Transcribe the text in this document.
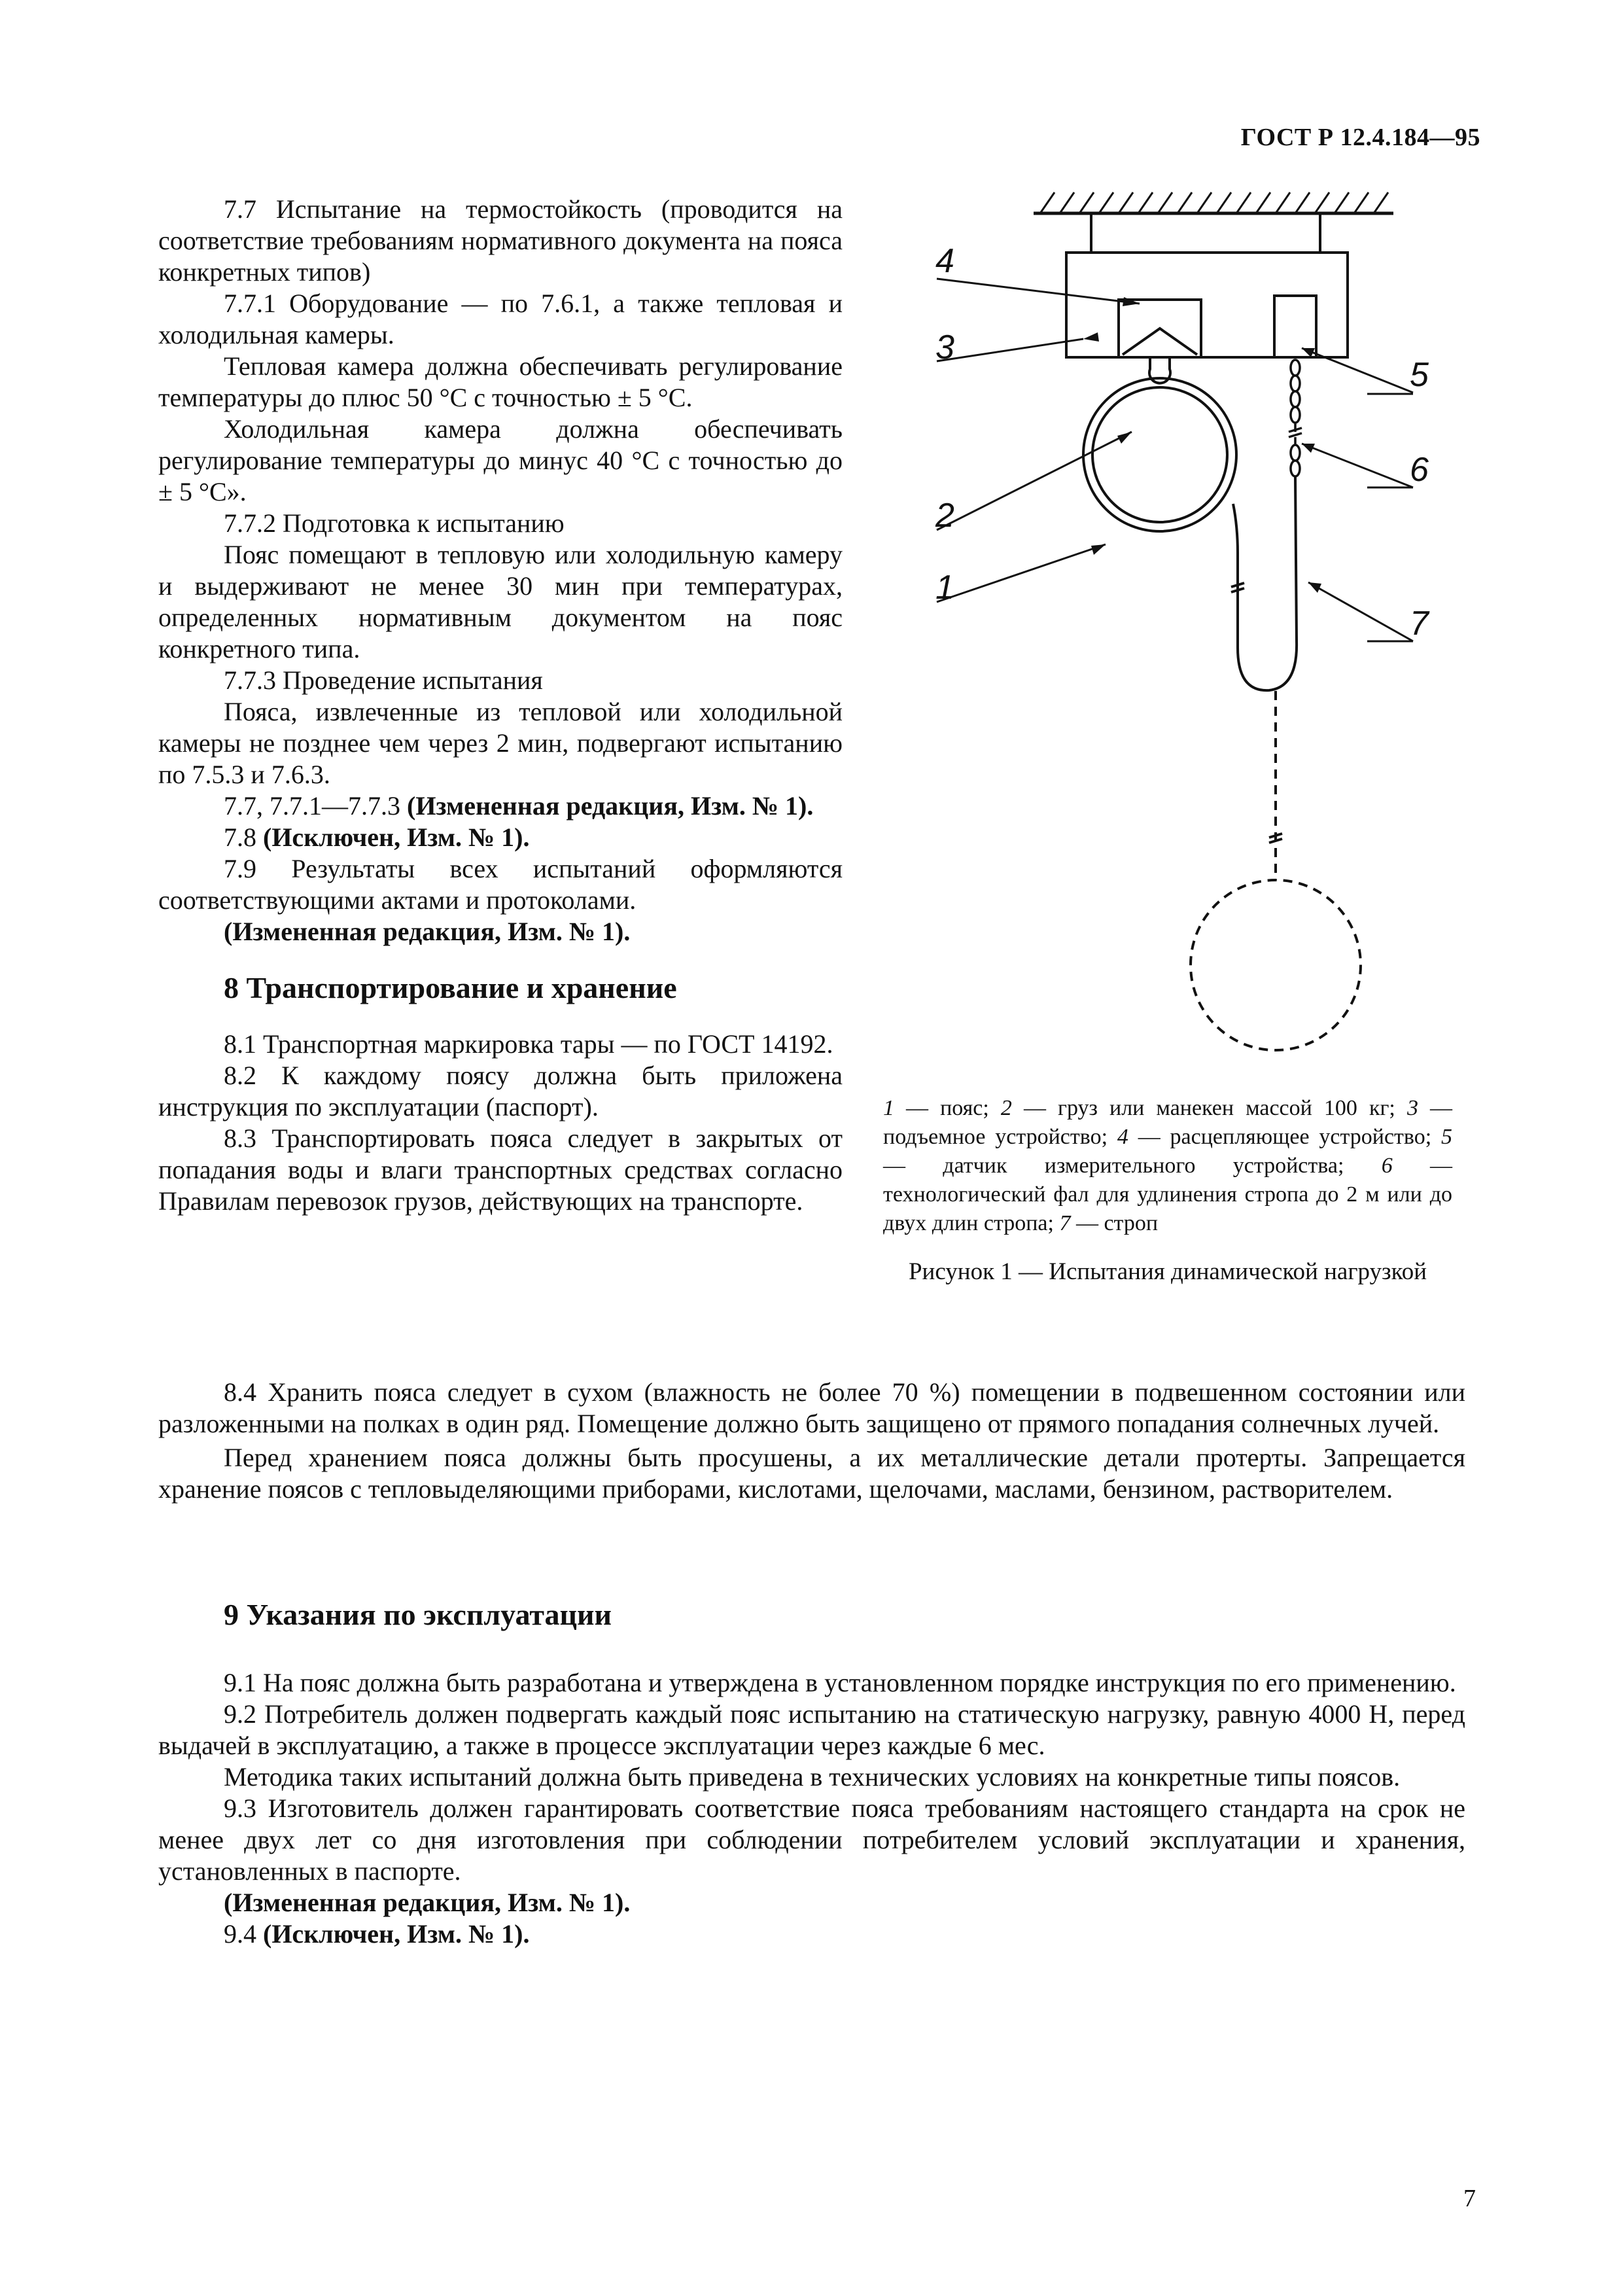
ГОСТ Р 12.4.184—95

7.7 Испытание на термостойкость (проводится на соответствие требованиям нормативного документа на пояса конкретных типов)

7.7.1 Оборудование — по 7.6.1, а также тепловая и холодильная камеры.

Тепловая камера должна обеспечивать регулирование температуры до плюс 50 °С с точностью ± 5 °С.

Холодильная камера должна обеспечивать регулирование температуры до минус 40 °С с точностью до ± 5 °С».

7.7.2 Подготовка к испытанию

Пояс помещают в тепловую или холодильную камеру и выдерживают не менее 30 мин при температурах, определенных нормативным документом на пояс конкретного типа.

7.7.3 Проведение испытания

Пояса, извлеченные из тепловой или холодильной камеры не позднее чем через 2 мин, подвергают испытанию по 7.5.3 и 7.6.3.

7.7, 7.7.1—7.7.3 (Измененная редакция, Изм. № 1).

7.8 (Исключен, Изм. № 1).

7.9 Результаты всех испытаний оформляются соответствующими актами и протоколами.

(Измененная редакция, Изм. № 1).

8 Транспортирование и хранение

8.1 Транспортная маркировка тары — по ГОСТ 14192.

8.2 К каждому поясу должна быть приложена инструкция по эксплуатации (паспорт).

8.3 Транспортировать пояса следует в закрытых от попадания воды и влаги транспортных средствах согласно Правилам перевозок грузов, действующих на транспорте.

4
3
5
6
2
1
7
1 — пояс; 2 — груз или манекен массой 100 кг; 3 — подъемное устройство; 4 — расцепляющее устройство; 5 — датчик измерительного устройства; 6 — технологический фал для удлинения стропа до 2 м или до двух длин стропа; 7 — строп
Рисунок 1 — Испытания динамической нагрузкой

8.4 Хранить пояса следует в сухом (влажность не более 70 %) помещении в подвешенном состоянии или разложенными на полках в один ряд. Помещение должно быть защищено от прямого попадания солнечных лучей.

Перед хранением пояса должны быть просушены, а их металлические детали протерты. Запрещается хранение поясов с тепловыделяющими приборами, кислотами, щелочами, маслами, бензином, растворителем.

9 Указания по эксплуатации

9.1 На пояс должна быть разработана и утверждена в установленном порядке инструкция по его применению.

9.2 Потребитель должен подвергать каждый пояс испытанию на статическую нагрузку, равную 4000 Н, перед выдачей в эксплуатацию, а также в процессе эксплуатации через каждые 6 мес.

Методика таких испытаний должна быть приведена в технических условиях на конкретные типы поясов.

9.3 Изготовитель должен гарантировать соответствие пояса требованиям настоящего стандарта на срок не менее двух лет со дня изготовления при соблюдении потребителем условий эксплуатации и хранения, установленных в паспорте.

(Измененная редакция, Изм. № 1).

9.4 (Исключен, Изм. № 1).

7
